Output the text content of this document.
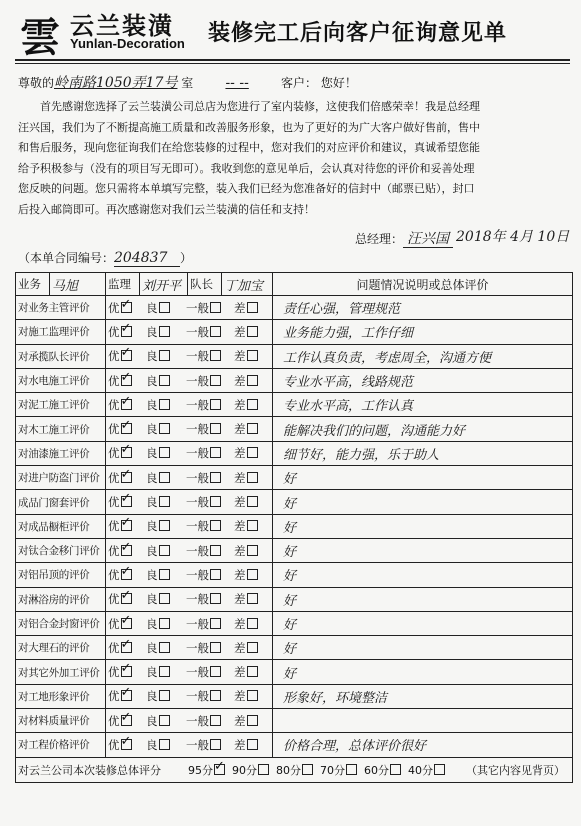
雲 云兰装潢
Yunlan-Decoration 装修完工后向客户征询意见单
尊敬的岭南路1050弄17号 室 -- --	客户： 您好！
首先感谢您选择了云兰装潢公司总店为您进行了室内装修，这使我们倍感荣幸！我是总经理
汪兴国，我们为了不断提高施工质量和改善服务形象，也为了更好的为广大客户做好售前，售中
和售后服务，现向您征询我们在给您装修的过程中，您对我们的对应评价和建议，真诚希望您能
给予积极参与（没有的项目写无即可）。我收到您的意见单后，会认真对待您的评价和妥善处理
您反映的问题。您只需将本单填写完整，装入我们已经为您准备好的信封中（邮票已贴），封口
后投入邮筒即可。再次感谢您对我们云兰装潢的信任和支持！
总经理： 汪兴国 2018年 4月 10日
（本单合同编号：204837 ）
业务	马旭	监理	刘开平	队长	丁加宝	问题情况说明或总体评价
对业务主管评价		优 ✓ 良 一般 差				责任心强，管理规范
对施工监理评价		优 ✓ 良 一般 差				业务能力强，工作仔细
对承揽队长评价		优 ✓ 良 一般 差				工作认真负责，考虑周全，沟通方便
对水电施工评价		优 ✓ 良 一般 差				专业水平高，线路规范
对泥工施工评价		优 ✓ 良 一般 差				专业水平高，工作认真
对木工施工评价		优 ✓ 良 一般 差				能解决我们的问题，沟通能力好
对油漆施工评价		优 ✓ 良 一般 差				细节好，能力强，乐于助人
对进户防盗门评价		优 ✓ 良 一般 差				好
成品门窗套评价		优 ✓ 良 一般 差				好
对成品橱柜评价		优 ✓ 良 一般 差				好
对钛合金移门评价		优 ✓ 良 一般 差				好
对铝吊顶的评价		优 ✓ 良 一般 差				好
对淋浴房的评价		优 ✓ 良 一般 差				好
对铝合金封窗评价		优 ✓ 良 一般 差				好
对大理石的评价		优 ✓ 良 一般 差				好
对其它外加工评价		优 ✓ 良 一般 差				好
对工地形象评价		优 ✓ 良 一般 差				形象好，环境整洁
对材料质量评价		优 ✓ 良 一般 差	
对工程价格评价		优 ✓ 良 一般 差				价格合理，总体评价很好
对云兰公司本次装修总体评分 95分 ✓ 90分 80分 70分 60分 40分 （其它内容见背页）
